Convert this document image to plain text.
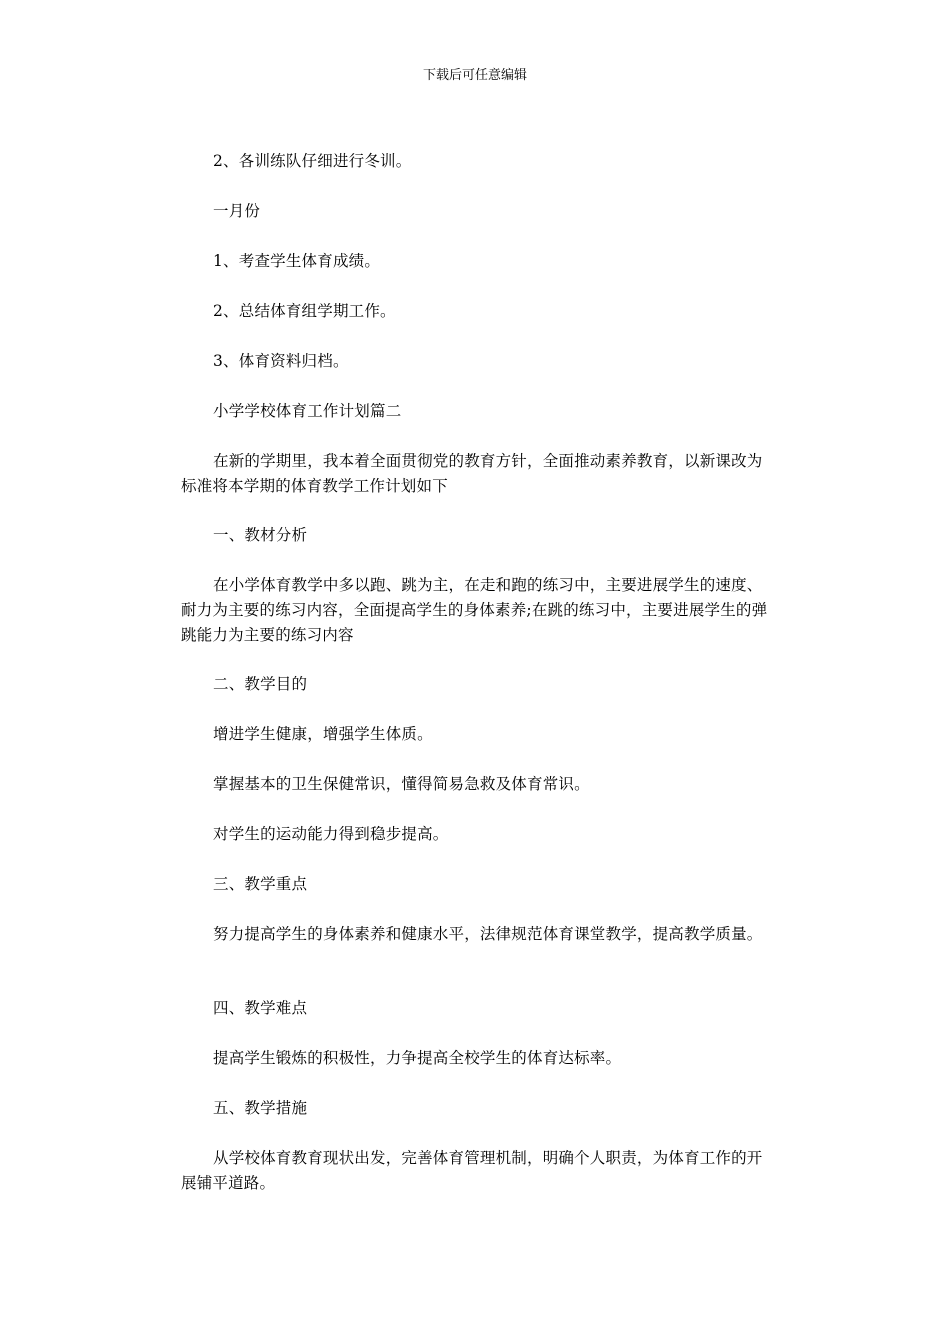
下载后可任意编辑

2、各训练队仔细进行冬训。

一月份

1、考查学生体育成绩。

2、总结体育组学期工作。

3、体育资料归档。

小学学校体育工作计划篇二

在新的学期里，我本着全面贯彻党的教育方针，全面推动素养教育，以新课改为标准将本学期的体育教学工作计划如下

一、教材分析

在小学体育教学中多以跑、跳为主，在走和跑的练习中，主要进展学生的速度、耐力为主要的练习内容，全面提高学生的身体素养;在跳的练习中，主要进展学生的弹跳能力为主要的练习内容

二、教学目的

增进学生健康，增强学生体质。

掌握基本的卫生保健常识，懂得简易急救及体育常识。

对学生的运动能力得到稳步提高。

三、教学重点

努力提高学生的身体素养和健康水平，法律规范体育课堂教学，提高教学质量。

四、教学难点

提高学生锻炼的积极性，力争提高全校学生的体育达标率。

五、教学措施

从学校体育教育现状出发，完善体育管理机制，明确个人职责，为体育工作的开展铺平道路。
